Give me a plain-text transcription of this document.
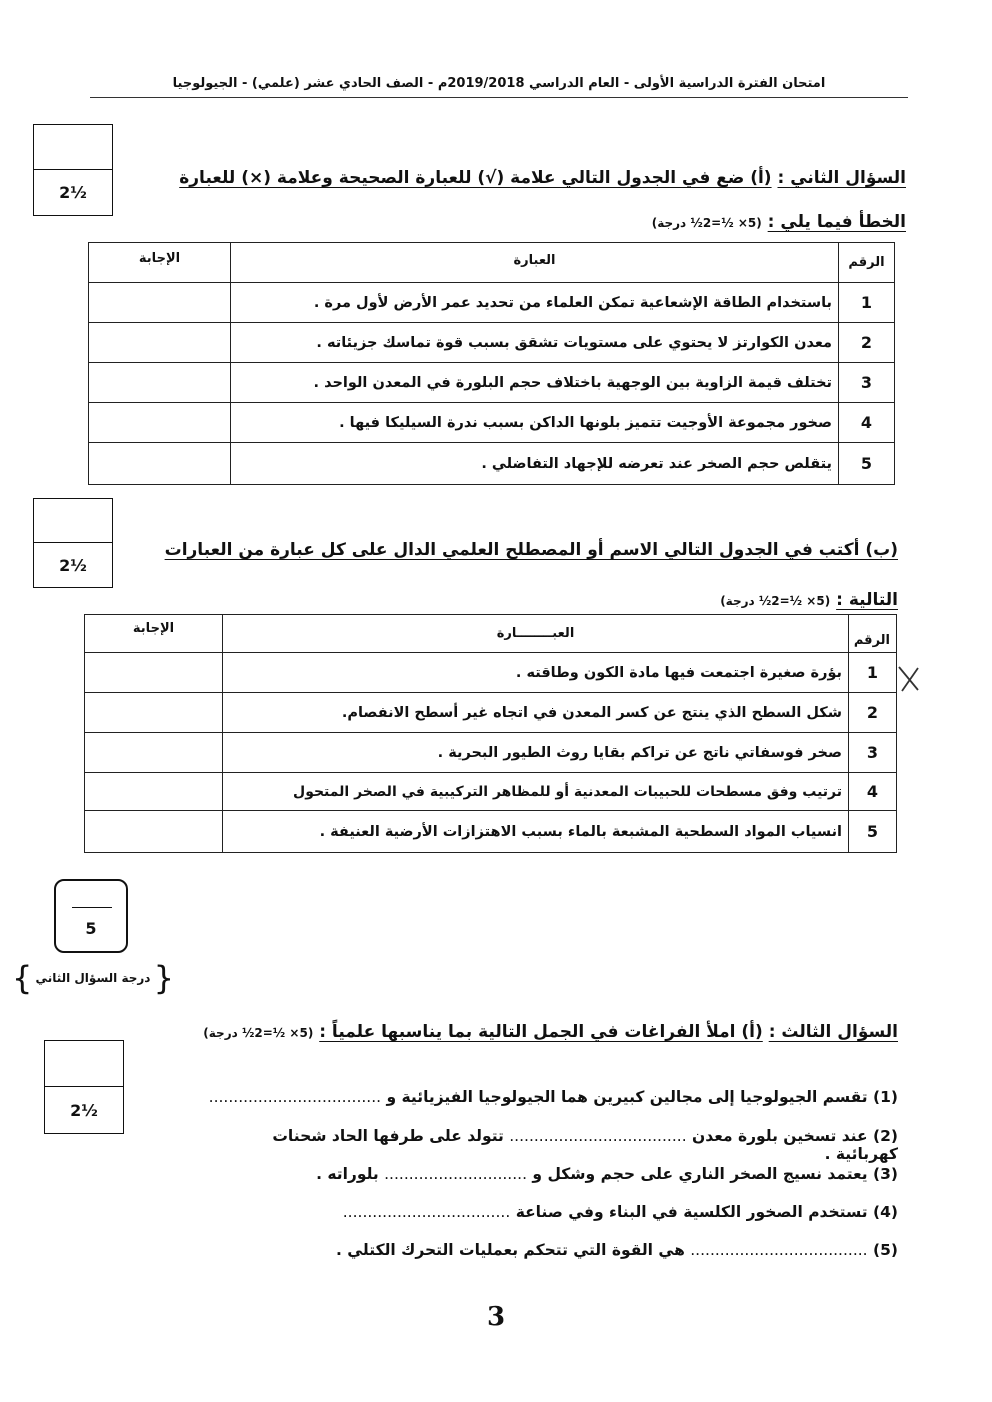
امتحان الفترة الدراسية الأولى - العام الدراسي 2019/2018م - الصف الحادي عشر (علمي) - الجيولوجيا
2½
السؤال الثاني : (أ) ضع في الجدول التالي علامة (√) للعبارة الصحيحة وعلامة (×) للعبارة
الخطأ فيما يلي : (5× ½=2½ درجة)
الرقم	العبارة	الإجابة
1	باستخدام الطاقة الإشعاعية تمكن العلماء من تحديد عمر الأرض لأول مرة .	
2	معدن الكوارتز لا يحتوي على مستويات تشقق بسبب قوة تماسك جزيئاته .	
3	تختلف قيمة الزاوية بين الوجهية باختلاف حجم البلورة في المعدن الواحد .	
4	صخور مجموعة الأوجيت تتميز بلونها الداكن بسبب ندرة السيليكا فيها .	
5	يتقلص حجم الصخر عند تعرضه للإجهاد التفاضلي .	
2½
(ب) أكتب في الجدول التالي الاسم أو المصطلح العلمي الدال على كل عبارة من العبارات
التالية : (5× ½=2½ درجة)
الرقم	العبــــــــارة	الإجابة
1	بؤرة صغيرة اجتمعت فيها مادة الكون وطاقته .	
2	شكل السطح الذي ينتج عن كسر المعدن في اتجاه غير أسطح الانفصام.	
3	صخر فوسفاتي ناتج عن تراكم بقايا روث الطيور البحرية .	
4	ترتيب وفق مسطحات للحبيبات المعدنية أو للمظاهر التركيبية في الصخر المتحول	
5	انسياب المواد السطحية المشبعة بالماء بسبب الاهتزازات الأرضية العنيفة .	
5
{
درجة السؤال الثاني
}
2½
السؤال الثالث : (أ) املأ الفراغات في الجمل التالية بما يناسبها علمياً : (5× ½=2½ درجة)
(1) تقسم الجيولوجيا إلى مجالين كبيرين هما الجيولوجيا الفيزيائية و ...................................
(2) عند تسخين بلورة معدن .................................... تتولد على طرفها الحاد شحنات كهربائية .
(3) يعتمد نسيج الصخر الناري على حجم وشكل و ............................. بلوراته .
(4) تستخدم الصخور الكلسية في البناء وفي صناعة ..................................
(5) .................................... هي القوة التي تتحكم بعمليات التحرك الكتلي .
3
